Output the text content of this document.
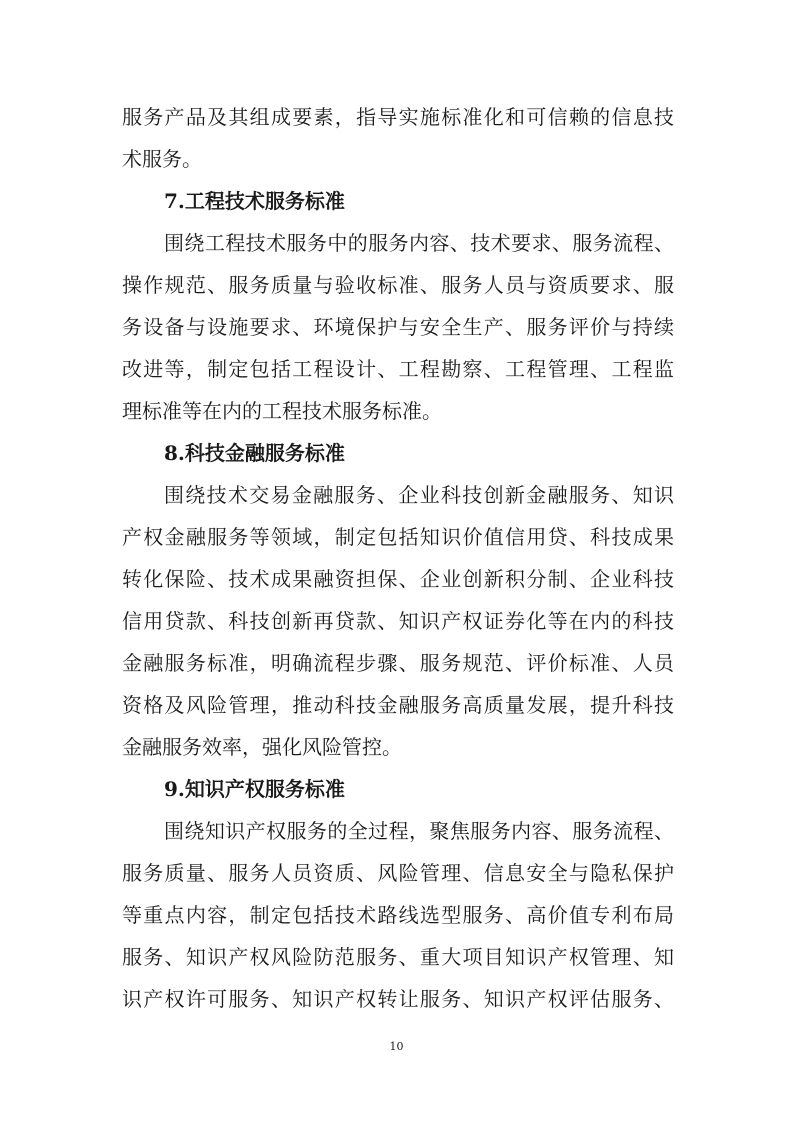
服务产品及其组成要素，指导实施标准化和可信赖的信息技
术服务。
7.工程技术服务标准
围绕工程技术服务中的服务内容、技术要求、服务流程、
操作规范、服务质量与验收标准、服务人员与资质要求、服
务设备与设施要求、环境保护与安全生产、服务评价与持续
改进等，制定包括工程设计、工程勘察、工程管理、工程监
理标准等在内的工程技术服务标准。
8.科技金融服务标准
围绕技术交易金融服务、企业科技创新金融服务、知识
产权金融服务等领域，制定包括知识价值信用贷、科技成果
转化保险、技术成果融资担保、企业创新积分制、企业科技
信用贷款、科技创新再贷款、知识产权证券化等在内的科技
金融服务标准，明确流程步骤、服务规范、评价标准、人员
资格及风险管理，推动科技金融服务高质量发展，提升科技
金融服务效率，强化风险管控。
9.知识产权服务标准
围绕知识产权服务的全过程，聚焦服务内容、服务流程、
服务质量、服务人员资质、风险管理、信息安全与隐私保护
等重点内容，制定包括技术路线选型服务、高价值专利布局
服务、知识产权风险防范服务、重大项目知识产权管理、知
识产权许可服务、知识产权转让服务、知识产权评估服务、
10
